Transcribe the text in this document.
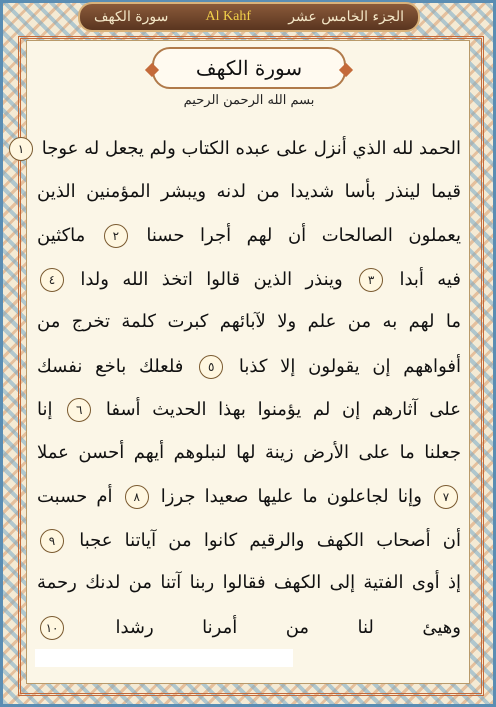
سورة الكهف	Al Kahf	الجزء الخامس عشر
سورة الكهف
بسم الله الرحمن الرحيم
الحمد لله الذي أنزل على عبده الكتاب ولم يجعل له عوجا ١
قيما لينذر بأسا شديدا من لدنه ويبشر المؤمنين الذين
يعملون الصالحات أن لهم أجرا حسنا ٢ ماكثين
فيه أبدا ٣ وينذر الذين قالوا اتخذ الله ولدا ٤
ما لهم به من علم ولا لآبائهم كبرت كلمة تخرج من
أفواههم إن يقولون إلا كذبا ٥ فلعلك باخع نفسك
على آثارهم إن لم يؤمنوا بهذا الحديث أسفا ٦ إنا
جعلنا ما على الأرض زينة لها لنبلوهم أيهم أحسن عملا
٧ وإنا لجاعلون ما عليها صعيدا جرزا ٨ أم حسبت
أن أصحاب الكهف والرقيم كانوا من آياتنا عجبا ٩
إذ أوى الفتية إلى الكهف فقالوا ربنا آتنا من لدنك رحمة
وهيئ لنا من أمرنا رشدا ١٠
